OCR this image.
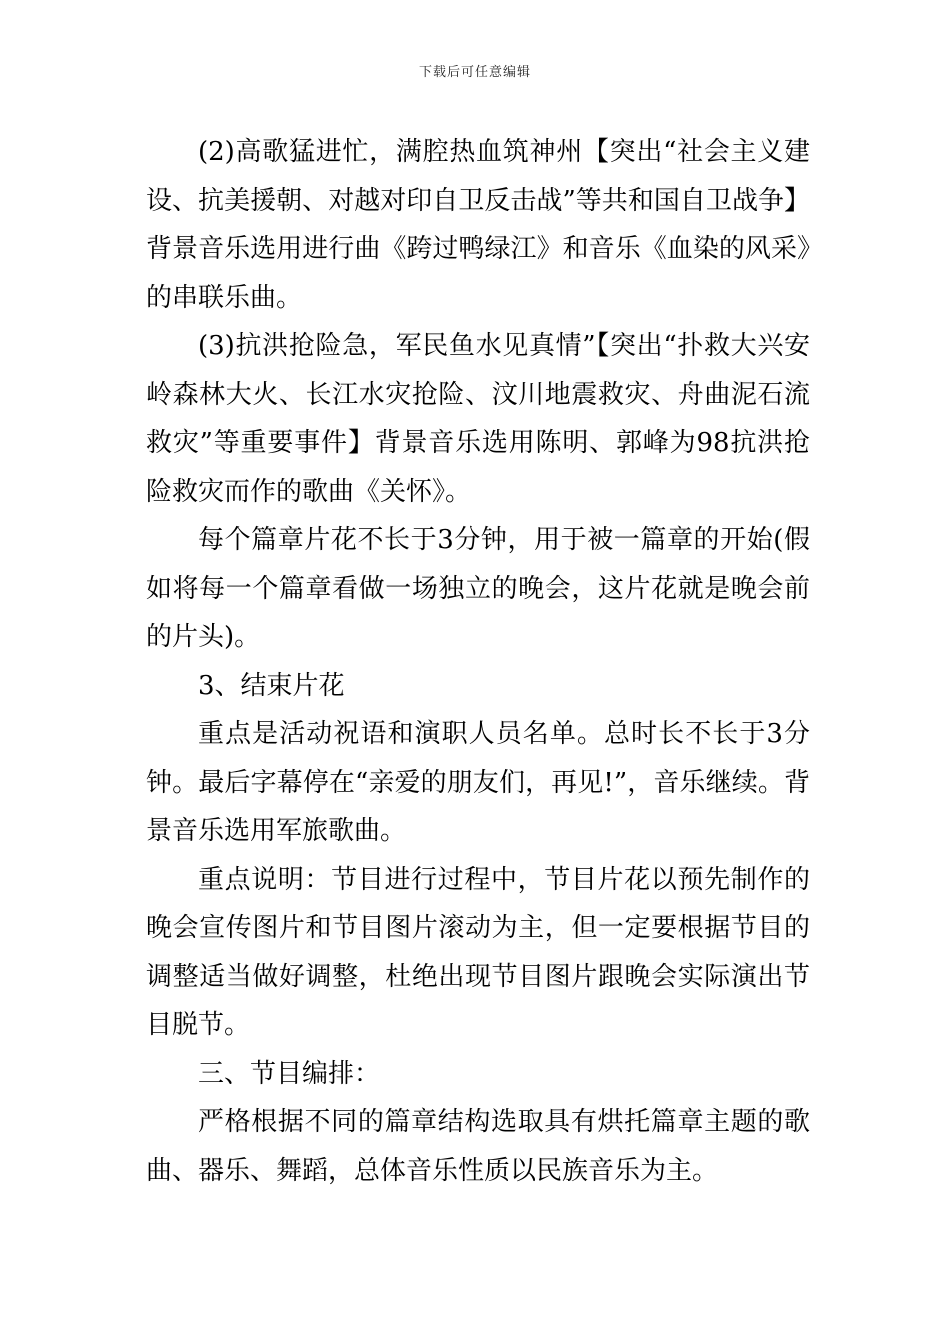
下载后可任意编辑

(2)高歌猛进忙，满腔热血筑神州【突出“社会主义建设、抗美援朝、对越对印自卫反击战”等共和国自卫战争】背景音乐选用进行曲《跨过鸭绿江》和音乐《血染的风采》的串联乐曲。

(3)抗洪抢险急，军民鱼水见真情”【突出“扑救大兴安岭森林大火、长江水灾抢险、汶川地震救灾、舟曲泥石流救灾”等重要事件】背景音乐选用陈明、郭峰为98抗洪抢险救灾而作的歌曲《关怀》。

每个篇章片花不长于3分钟，用于被一篇章的开始(假如将每一个篇章看做一场独立的晚会，这片花就是晚会前的片头)。

3、结束片花

重点是活动祝语和演职人员名单。总时长不长于3分钟。最后字幕停在“亲爱的朋友们，再见!”，音乐继续。背景音乐选用军旅歌曲。

重点说明：节目进行过程中，节目片花以预先制作的晚会宣传图片和节目图片滚动为主，但一定要根据节目的调整适当做好调整，杜绝出现节目图片跟晚会实际演出节目脱节。

三、节目编排：

严格根据不同的篇章结构选取具有烘托篇章主题的歌曲、器乐、舞蹈，总体音乐性质以民族音乐为主。
